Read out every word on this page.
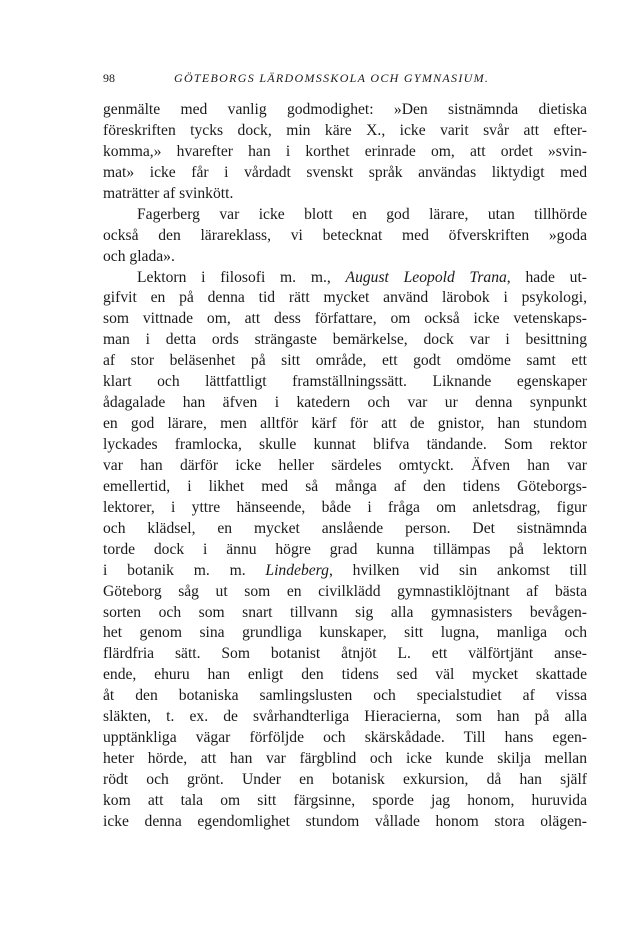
98	GÖTEBORGS LÄRDOMSSKOLA OCH GYMNASIUM.
genmälte med vanlig godmodighet: »Den sistnämnda dietiska
föreskriften tycks dock, min käre X., icke varit svår att efter-
komma,» hvarefter han i korthet erinrade om, att ordet »svin-
mat» icke får i vårdadt svenskt språk användas liktydigt med
maträtter af svinkött.
Fagerberg var icke blott en god lärare, utan tillhörde
också den lärareklass, vi betecknat med öfverskriften »goda
och glada».
Lektorn i filosofi m. m., August Leopold Trana, hade ut-
gifvit en på denna tid rätt mycket använd lärobok i psykologi,
som vittnade om, att dess författare, om också icke vetenskaps-
man i detta ords strängaste bemärkelse, dock var i besittning
af stor beläsenhet på sitt område, ett godt omdöme samt ett
klart och lättfattligt framställningssätt. Liknande egenskaper
ådagalade han äfven i katedern och var ur denna synpunkt
en god lärare, men alltför kärf för att de gnistor, han stundom
lyckades framlocka, skulle kunnat blifva tändande. Som rektor
var han därför icke heller särdeles omtyckt. Äfven han var
emellertid, i likhet med så många af den tidens Göteborgs-
lektorer, i yttre hänseende, både i fråga om anletsdrag, figur
och klädsel, en mycket anslående person. Det sistnämnda
torde dock i ännu högre grad kunna tillämpas på lektorn
i botanik m. m. Lindeberg, hvilken vid sin ankomst till
Göteborg såg ut som en civilklädd gymnastiklöjtnant af bästa
sorten och som snart tillvann sig alla gymnasisters bevågen-
het genom sina grundliga kunskaper, sitt lugna, manliga och
flärdfria sätt. Som botanist åtnjöt L. ett välförtjänt anse-
ende, ehuru han enligt den tidens sed väl mycket skattade
åt den botaniska samlingslusten och specialstudiet af vissa
släkten, t. ex. de svårhandterliga Hieracierna, som han på alla
upptänkliga vägar förföljde och skärskådade. Till hans egen-
heter hörde, att han var färgblind och icke kunde skilja mellan
rödt och grönt. Under en botanisk exkursion, då han själf
kom att tala om sitt färgsinne, sporde jag honom, huruvida
icke denna egendomlighet stundom vållade honom stora olägen-
